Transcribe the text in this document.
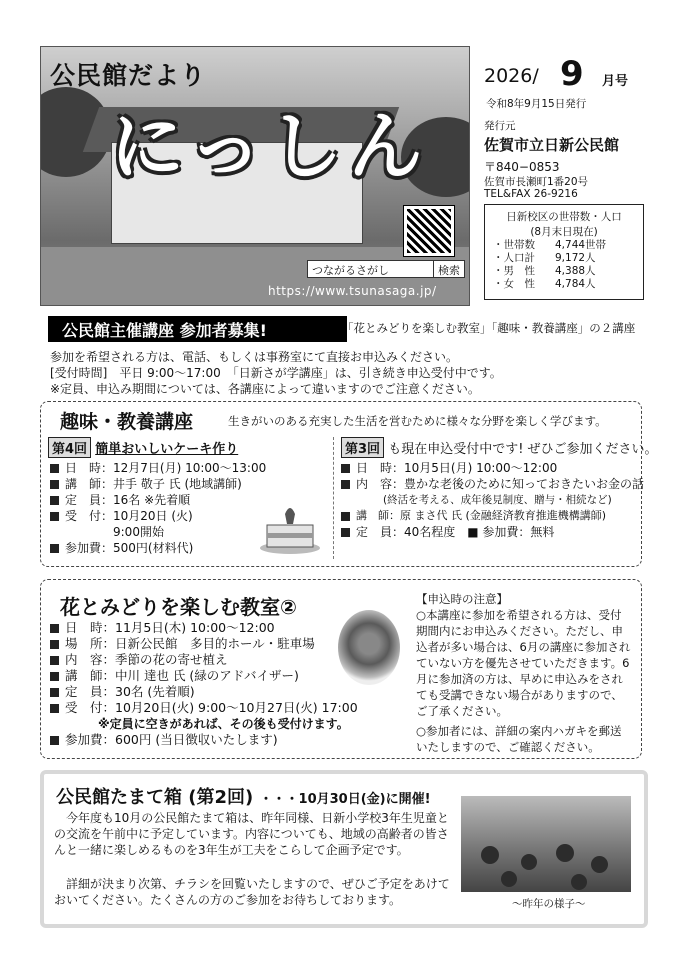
公民館だより
にっしん
つながるさがし	検索
https://www.tsunasaga.jp/
2026/ 9 月号
令和8年9月15日発行
発行元
佐賀市立日新公民館
〒840−0853
佐賀市長瀬町1番20号
TEL&FAX 26-9216
日新校区の世帯数・人口
(8月末日現在)
・世帯数	4,744世帯
・人口計	9,172人
・男　性	4,388人
・女　性	4,784人
公民館主催講座 参加者募集!	「花とみどりを楽しむ教室」「趣味・教養講座」の２講座
参加を希望される方は、電話、もしくは事務室にて直接お申込みください。
[受付時間]　平日 9:00〜17:00　「日新さが学講座」は、引き続き申込受付中です。
※定員、申込み期間については、各講座によって違いますのでご注意ください。
趣味・教養講座	生きがいのある充実した生活を営むために様々な分野を楽しく学びます。
第4回 簡単おいしいケーキ作り
日　時：12月7日(月) 10:00〜13:00
講　師：井手 敬子 氏 (地域講師)
定　員：16名 ※先着順
受　付：10月20日 (火)
　　　　9:00開始
参加費：500円(材料代)
第3回 も現在申込受付中です! ぜひご参加ください。
日　時：10月5日(月) 10:00〜12:00
内　容：豊かな老後のために知っておきたいお金の話
　　　　(終活を考える、成年後見制度、贈与・相続など)
講　師：原 まさ代 氏 (金融経済教育推進機構講師)
定　員：40名程度　■ 参加費：無料
花とみどりを楽しむ教室②
日　時：11月5日(木) 10:00〜12:00
場　所：日新公民館　多目的ホール・駐車場
内　容：季節の花の寄せ植え
講　師：中川 達也 氏 (緑のアドバイザー)
定　員：30名 (先着順)
受　付：10月20日(火) 9:00〜10月27日(火) 17:00
　　　　※定員に空きがあれば、その後も受付けます。
参加費：600円 (当日徴収いたします)
【申込時の注意】
○本講座に参加を希望される方は、受付期間内にお申込みください。ただし、申込者が多い場合は、6月の講座に参加されていない方を優先させていただきます。6月に参加済の方は、早めに申込みをされても受講できない場合がありますので、ご了承ください。
○参加者には、詳細の案内ハガキを郵送いたしますので、ご確認ください。
公民館たまて箱 (第2回) ・・・10月30日(金)に開催!
今年度も10月の公民館たまて箱は、昨年同様、日新小学校3年生児童との交流を午前中に予定しています。内容についても、地域の高齢者の皆さんと一緒に楽しめるものを3年生が工夫をこらして企画予定です。
詳細が決まり次第、チラシを回覧いたしますので、ぜひご予定をあけておいてください。たくさんの方のご参加をお待ちしております。	〜昨年の様子〜
